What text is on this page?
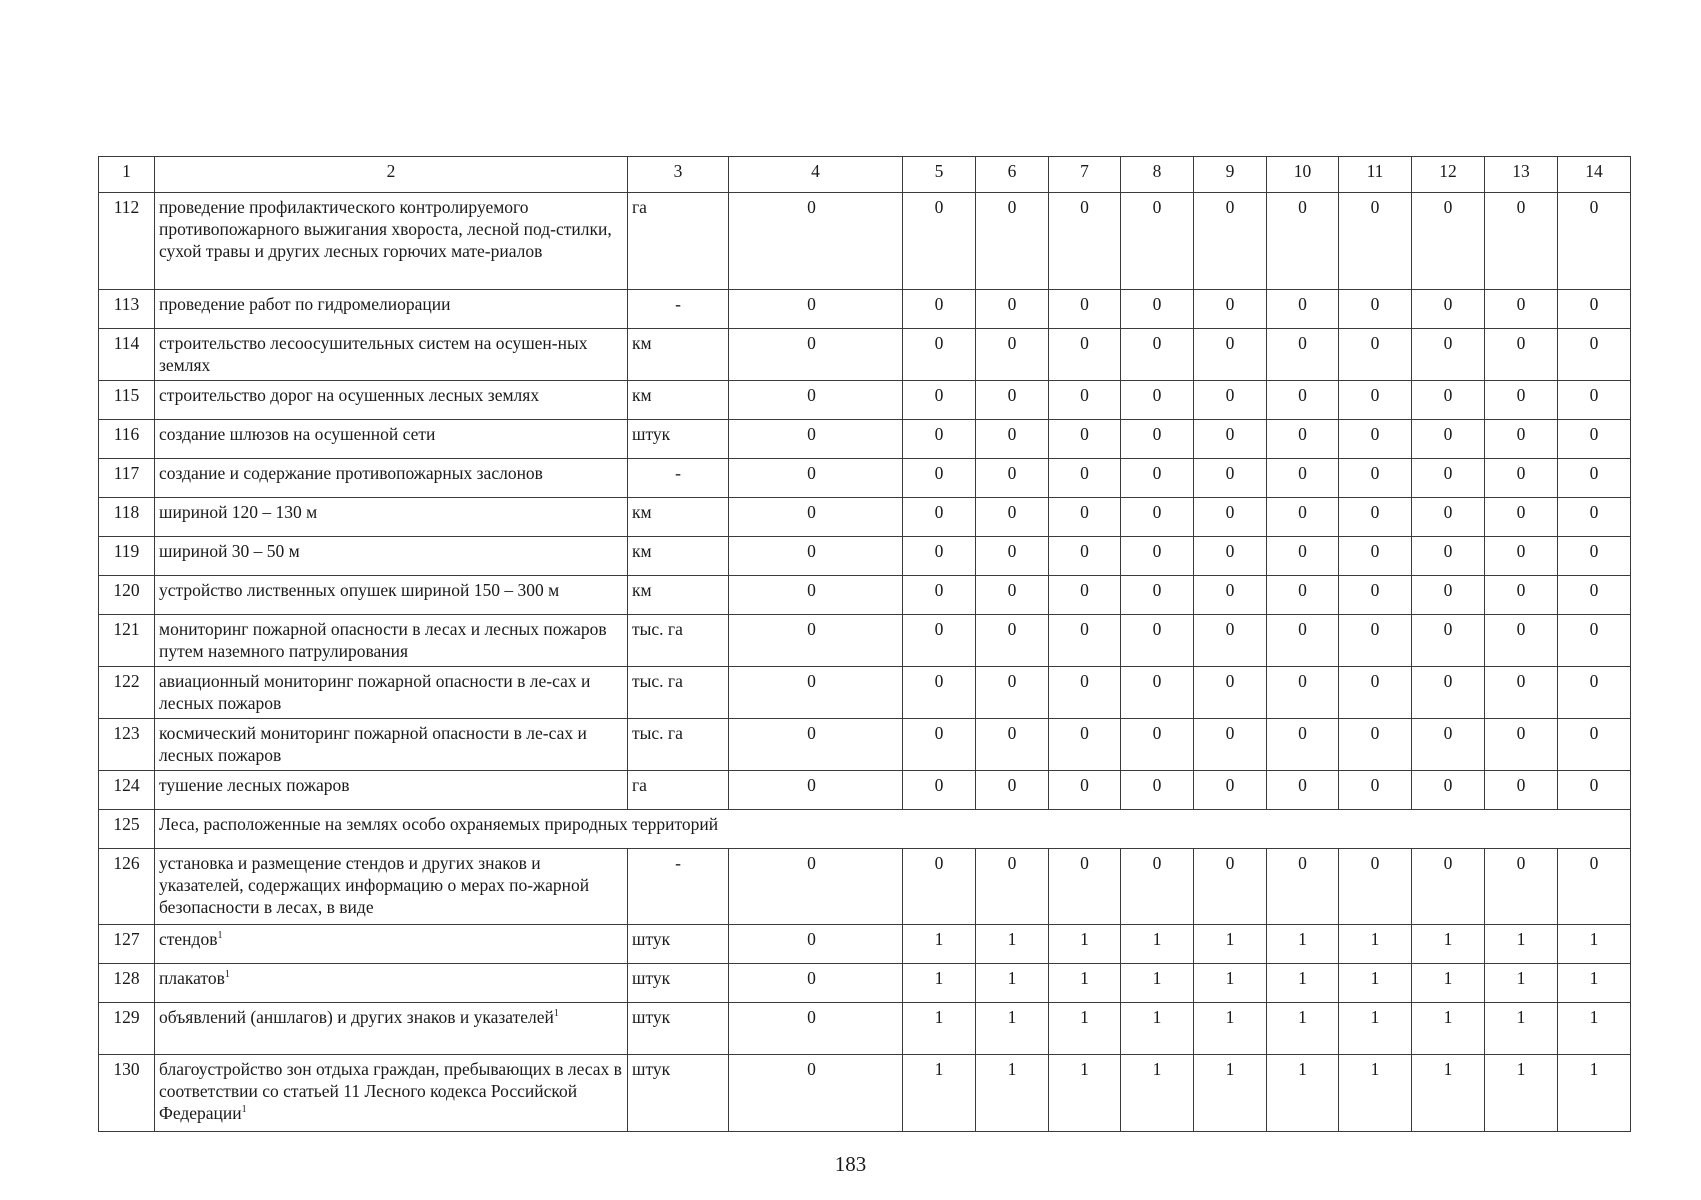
1	2	3	4	5	6	7	8	9	10	11	12	13	14
112	проведение профилактического контролируемого противопожарного выжигания хвороста, лесной под-стилки, сухой травы и других лесных горючих мате-риалов	га	0	0	0	0	0	0	0	0	0	0	0
113	проведение работ по гидромелиорации	-	0	0	0	0	0	0	0	0	0	0	0
114	строительство лесоосушительных систем на осушен-ных землях	км	0	0	0	0	0	0	0	0	0	0	0
115	строительство дорог на осушенных лесных землях	км	0	0	0	0	0	0	0	0	0	0	0
116	создание шлюзов на осушенной сети	штук	0	0	0	0	0	0	0	0	0	0	0
117	создание и содержание противопожарных заслонов	-	0	0	0	0	0	0	0	0	0	0	0
118	шириной 120 – 130 м	км	0	0	0	0	0	0	0	0	0	0	0
119	шириной 30 – 50 м	км	0	0	0	0	0	0	0	0	0	0	0
120	устройство лиственных опушек шириной 150 – 300 м	км	0	0	0	0	0	0	0	0	0	0	0
121	мониторинг пожарной опасности в лесах и лесных пожаров путем наземного патрулирования	тыс. га	0	0	0	0	0	0	0	0	0	0	0
122	авиационный мониторинг пожарной опасности в ле-сах и лесных пожаров	тыс. га	0	0	0	0	0	0	0	0	0	0	0
123	космический мониторинг пожарной опасности в ле-сах и лесных пожаров	тыс. га	0	0	0	0	0	0	0	0	0	0	0
124	тушение лесных пожаров	га	0	0	0	0	0	0	0	0	0	0	0
125	Леса, расположенные на землях особо охраняемых природных территорий												
126	установка и размещение стендов и других знаков и указателей, содержащих информацию о мерах по-жарной безопасности в лесах, в виде	-	0	0	0	0	0	0	0	0	0	0	0
127	стендов$^1$	штук	0	1	1	1	1	1	1	1	1	1	1
128	плакатов$^1$	штук	0	1	1	1	1	1	1	1	1	1	1
129	объявлений (аншлагов) и других знаков и указателей$^1$	штук	0	1	1	1	1	1	1	1	1	1	1
130	благоустройство зон отдыха граждан, пребывающих в лесах в соответствии со статьей 11 Лесного кодекса Российской Федерации$^1$	штук	0	1	1	1	1	1	1	1	1	1	1
183
